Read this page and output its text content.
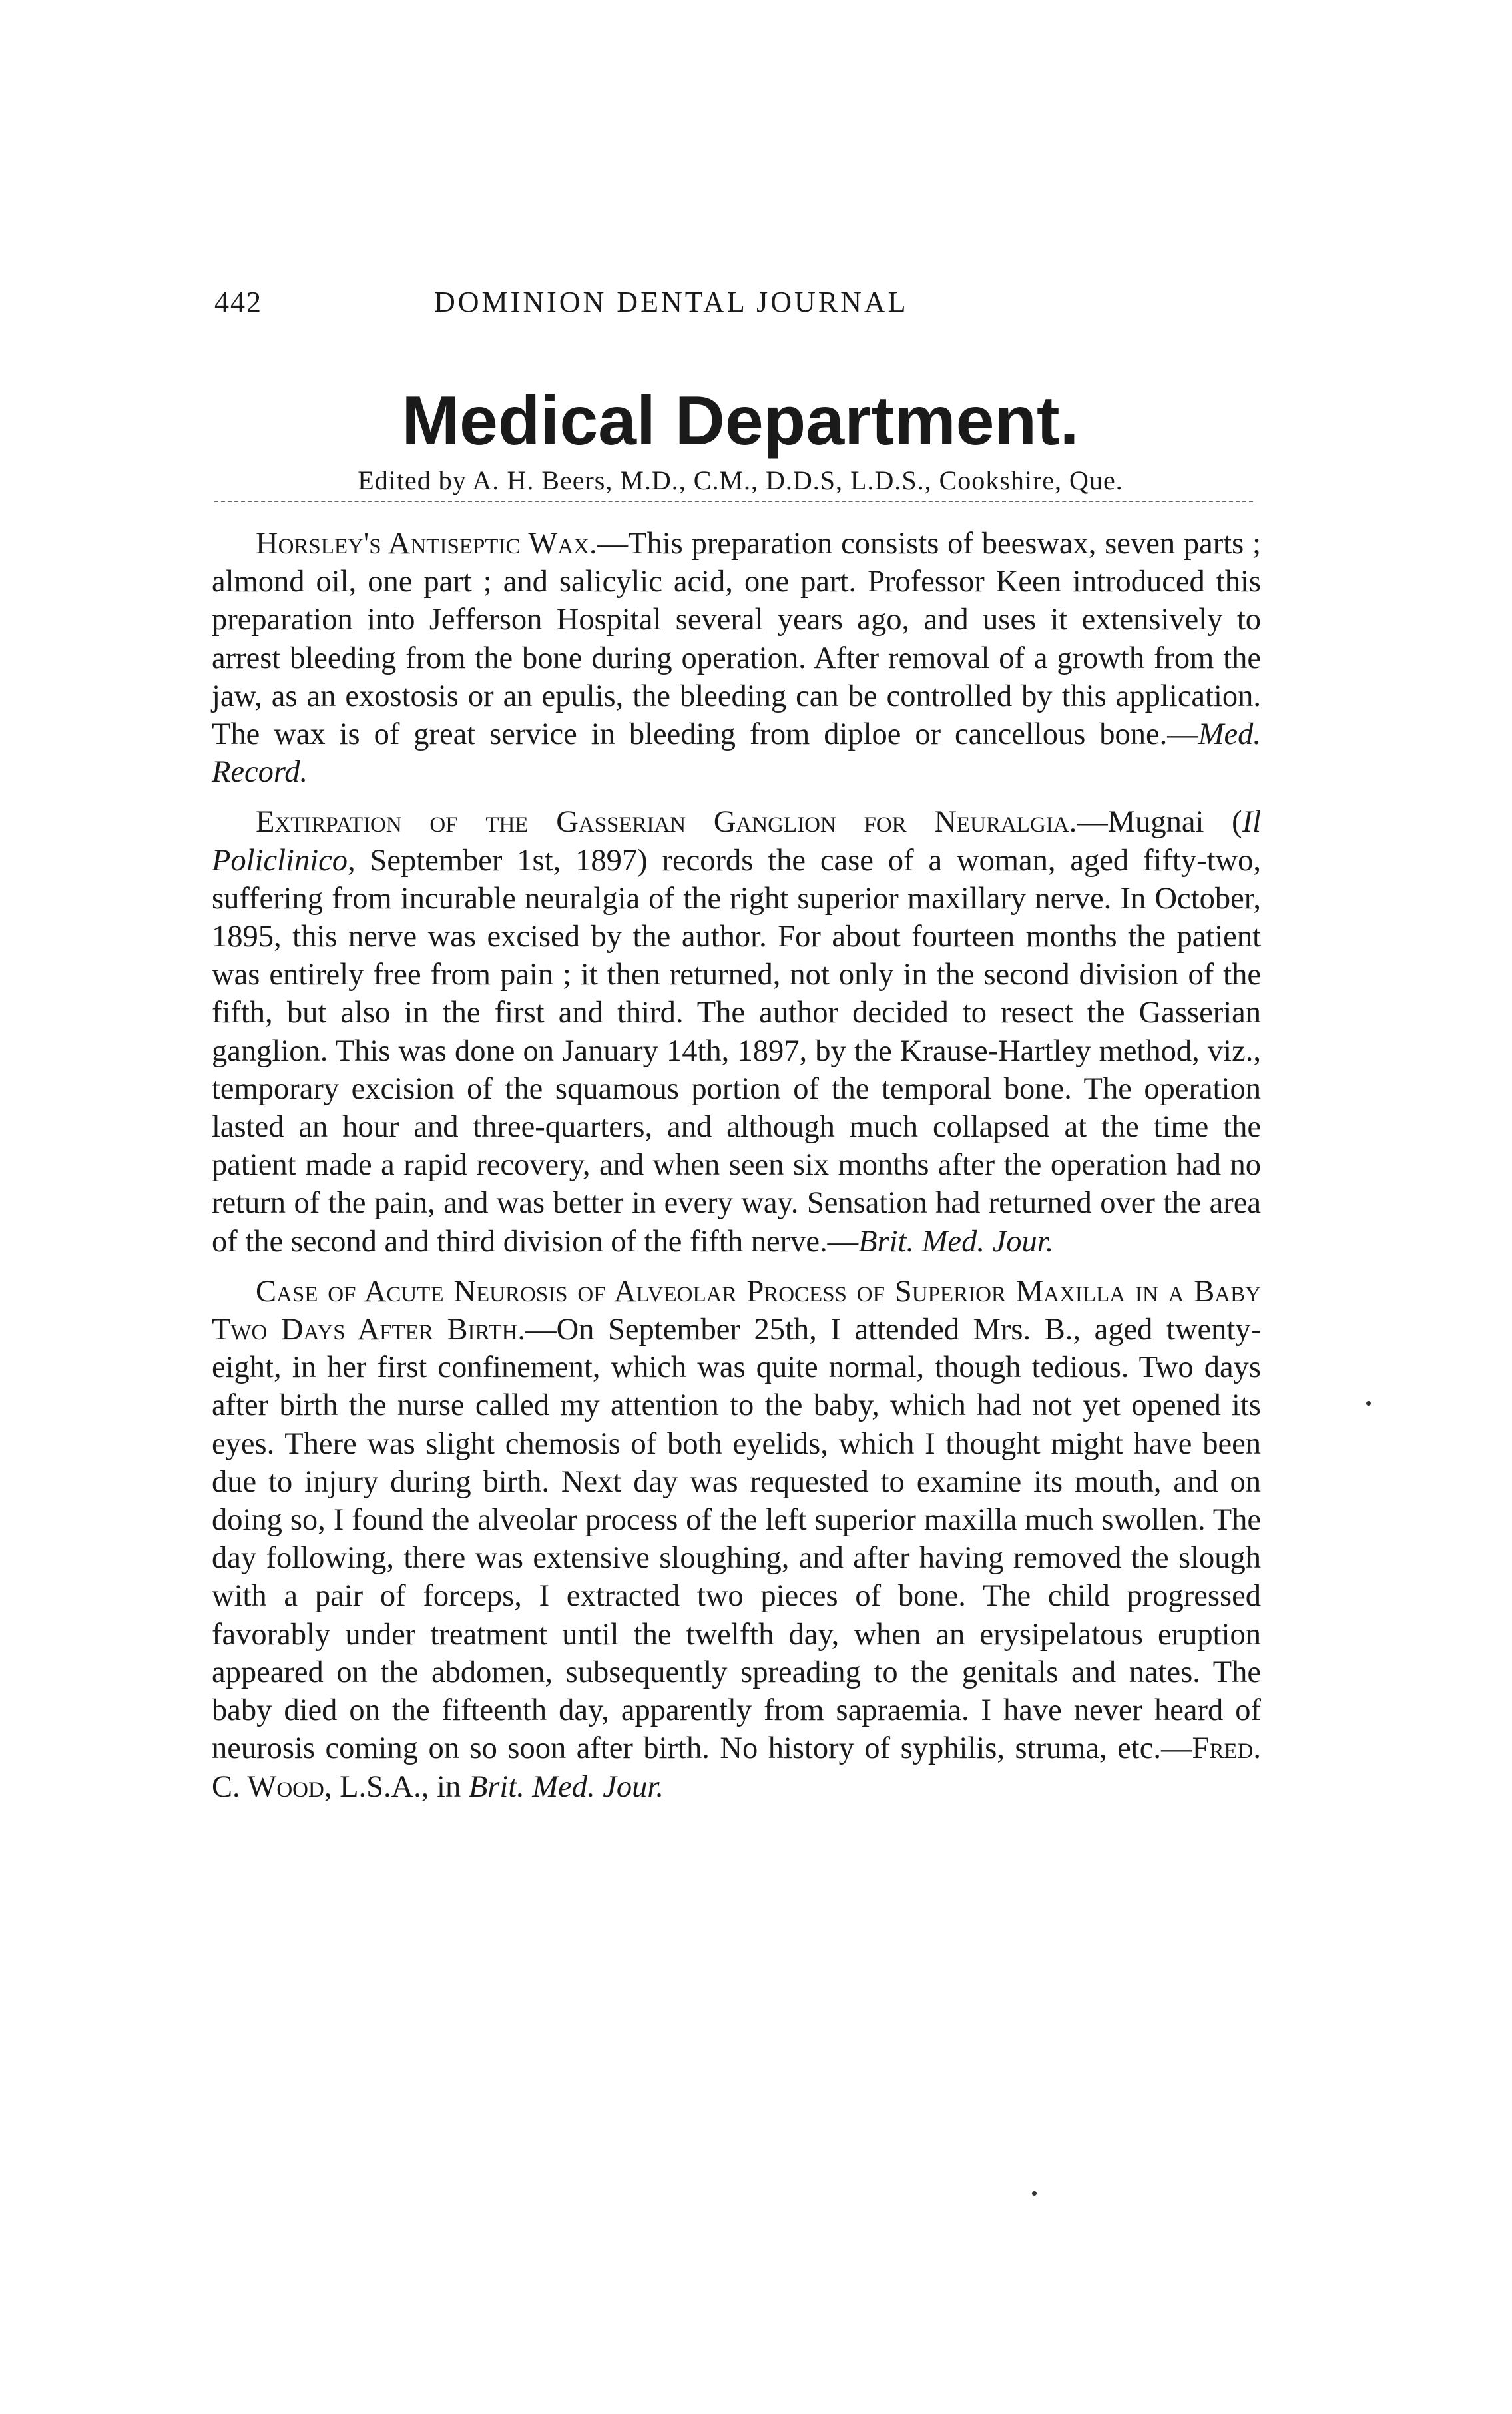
442	DOMINION DENTAL JOURNAL
Medical Department.
Edited by A. H. Beers, M.D., C.M., D.D.S, L.D.S., Cookshire, Que.

Horsley's Antiseptic Wax.—This preparation consists of beeswax, seven parts ; almond oil, one part ; and salicylic acid, one part. Professor Keen introduced this preparation into Jefferson Hospital several years ago, and uses it extensively to arrest bleeding from the bone during operation. After removal of a growth from the jaw, as an exostosis or an epulis, the bleeding can be controlled by this application. The wax is of great service in bleeding from diploe or cancellous bone.—Med. Record.

Extirpation of the Gasserian Ganglion for Neuralgia.—Mugnai (Il Policlinico, September 1st, 1897) records the case of a woman, aged fifty-two, suffering from incurable neuralgia of the right superior maxillary nerve. In October, 1895, this nerve was excised by the author. For about fourteen months the patient was entirely free from pain ; it then returned, not only in the second division of the fifth, but also in the first and third. The author decided to resect the Gasserian ganglion. This was done on January 14th, 1897, by the Krause-Hartley method, viz., temporary excision of the squamous portion of the temporal bone. The operation lasted an hour and three-quarters, and although much collapsed at the time the patient made a rapid recovery, and when seen six months after the operation had no return of the pain, and was better in every way. Sensation had returned over the area of the second and third division of the fifth nerve.—Brit. Med. Jour.

Case of Acute Neurosis of Alveolar Process of Superior Maxilla in a Baby Two Days After Birth.—On September 25th, I attended Mrs. B., aged twenty-eight, in her first confinement, which was quite normal, though tedious. Two days after birth the nurse called my attention to the baby, which had not yet opened its eyes. There was slight chemosis of both eyelids, which I thought might have been due to injury during birth. Next day was requested to examine its mouth, and on doing so, I found the alveolar process of the left superior maxilla much swollen. The day following, there was extensive sloughing, and after having removed the slough with a pair of forceps, I extracted two pieces of bone. The child progressed favorably under treatment until the twelfth day, when an erysipelatous eruption appeared on the abdomen, subsequently spreading to the genitals and nates. The baby died on the fifteenth day, apparently from sapraemia. I have never heard of neurosis coming on so soon after birth. No history of syphilis, struma, etc.—Fred. C. Wood, L.S.A., in Brit. Med. Jour.
